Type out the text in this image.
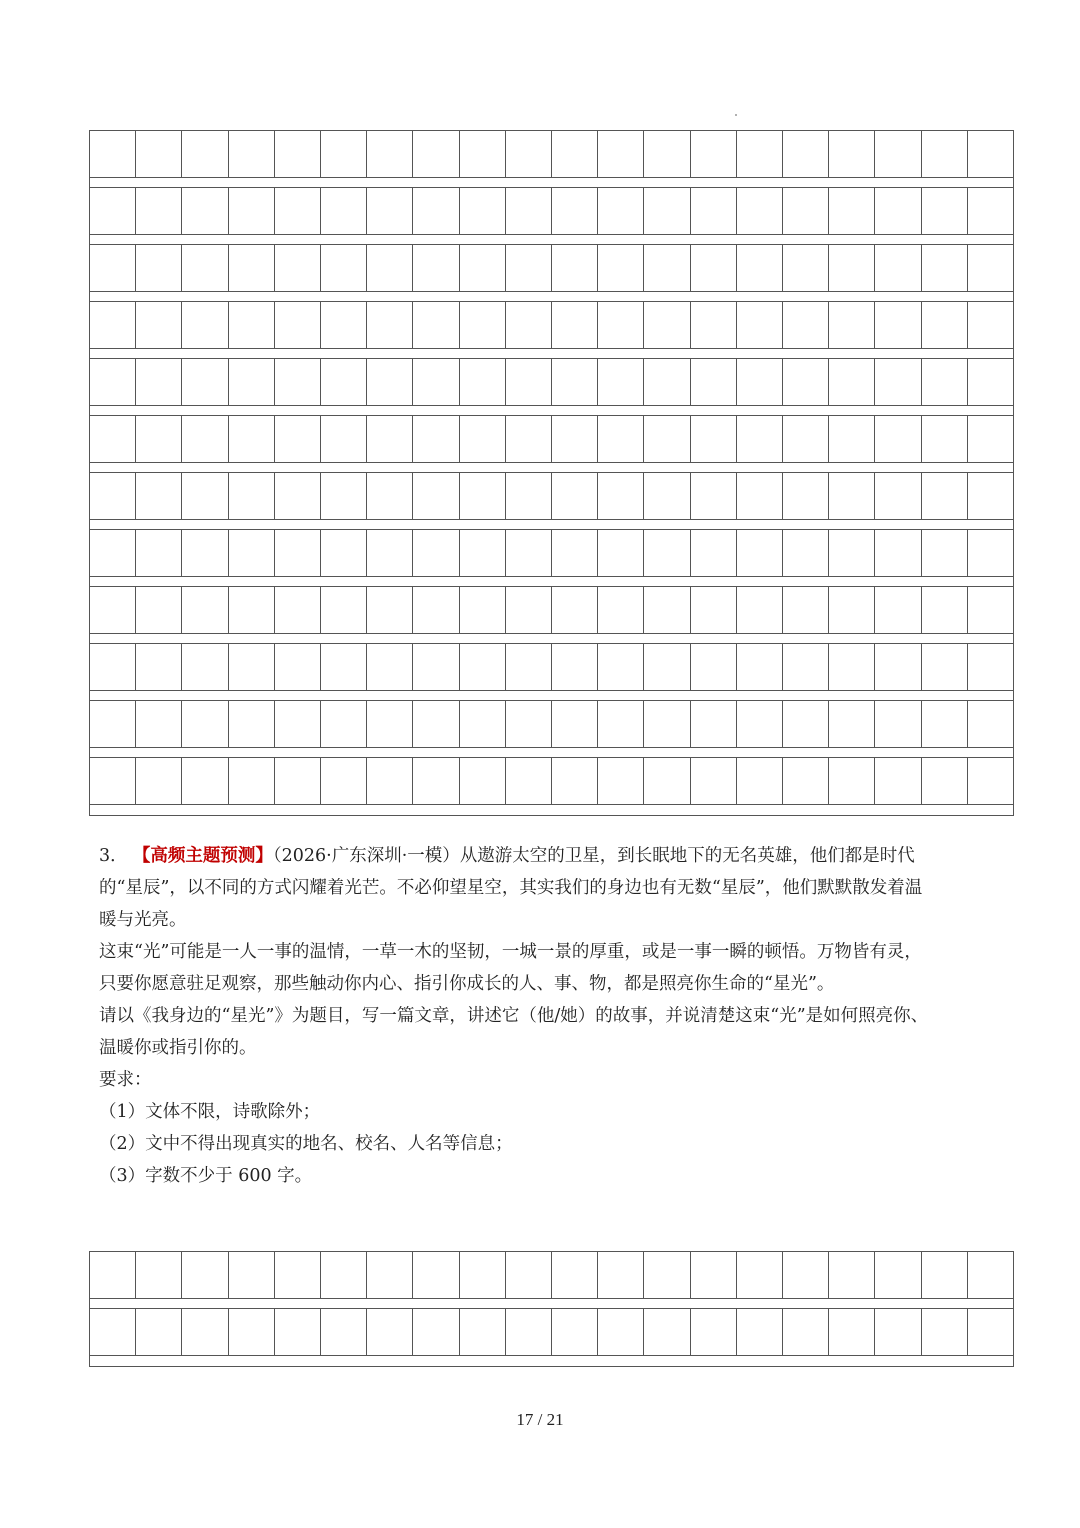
3． 【高频主题预测】（2026·广东深圳·一模）从遨游太空的卫星，到长眠地下的无名英雄，他们都是时代

的“星辰”，以不同的方式闪耀着光芒。不必仰望星空，其实我们的身边也有无数“星辰”，他们默默散发着温

暖与光亮。

这束“光”可能是一人一事的温情，一草一木的坚韧，一城一景的厚重，或是一事一瞬的顿悟。万物皆有灵，

只要你愿意驻足观察，那些触动你内心、指引你成长的人、事、物，都是照亮你生命的“星光”。

请以《我身边的“星光”》为题目，写一篇文章，讲述它（他/她）的故事，并说清楚这束“光”是如何照亮你、

温暖你或指引你的。

要求：

（1）文体不限，诗歌除外；

（2）文中不得出现真实的地名、校名、人名等信息；

（3）字数不少于 600 字。

17 / 21
